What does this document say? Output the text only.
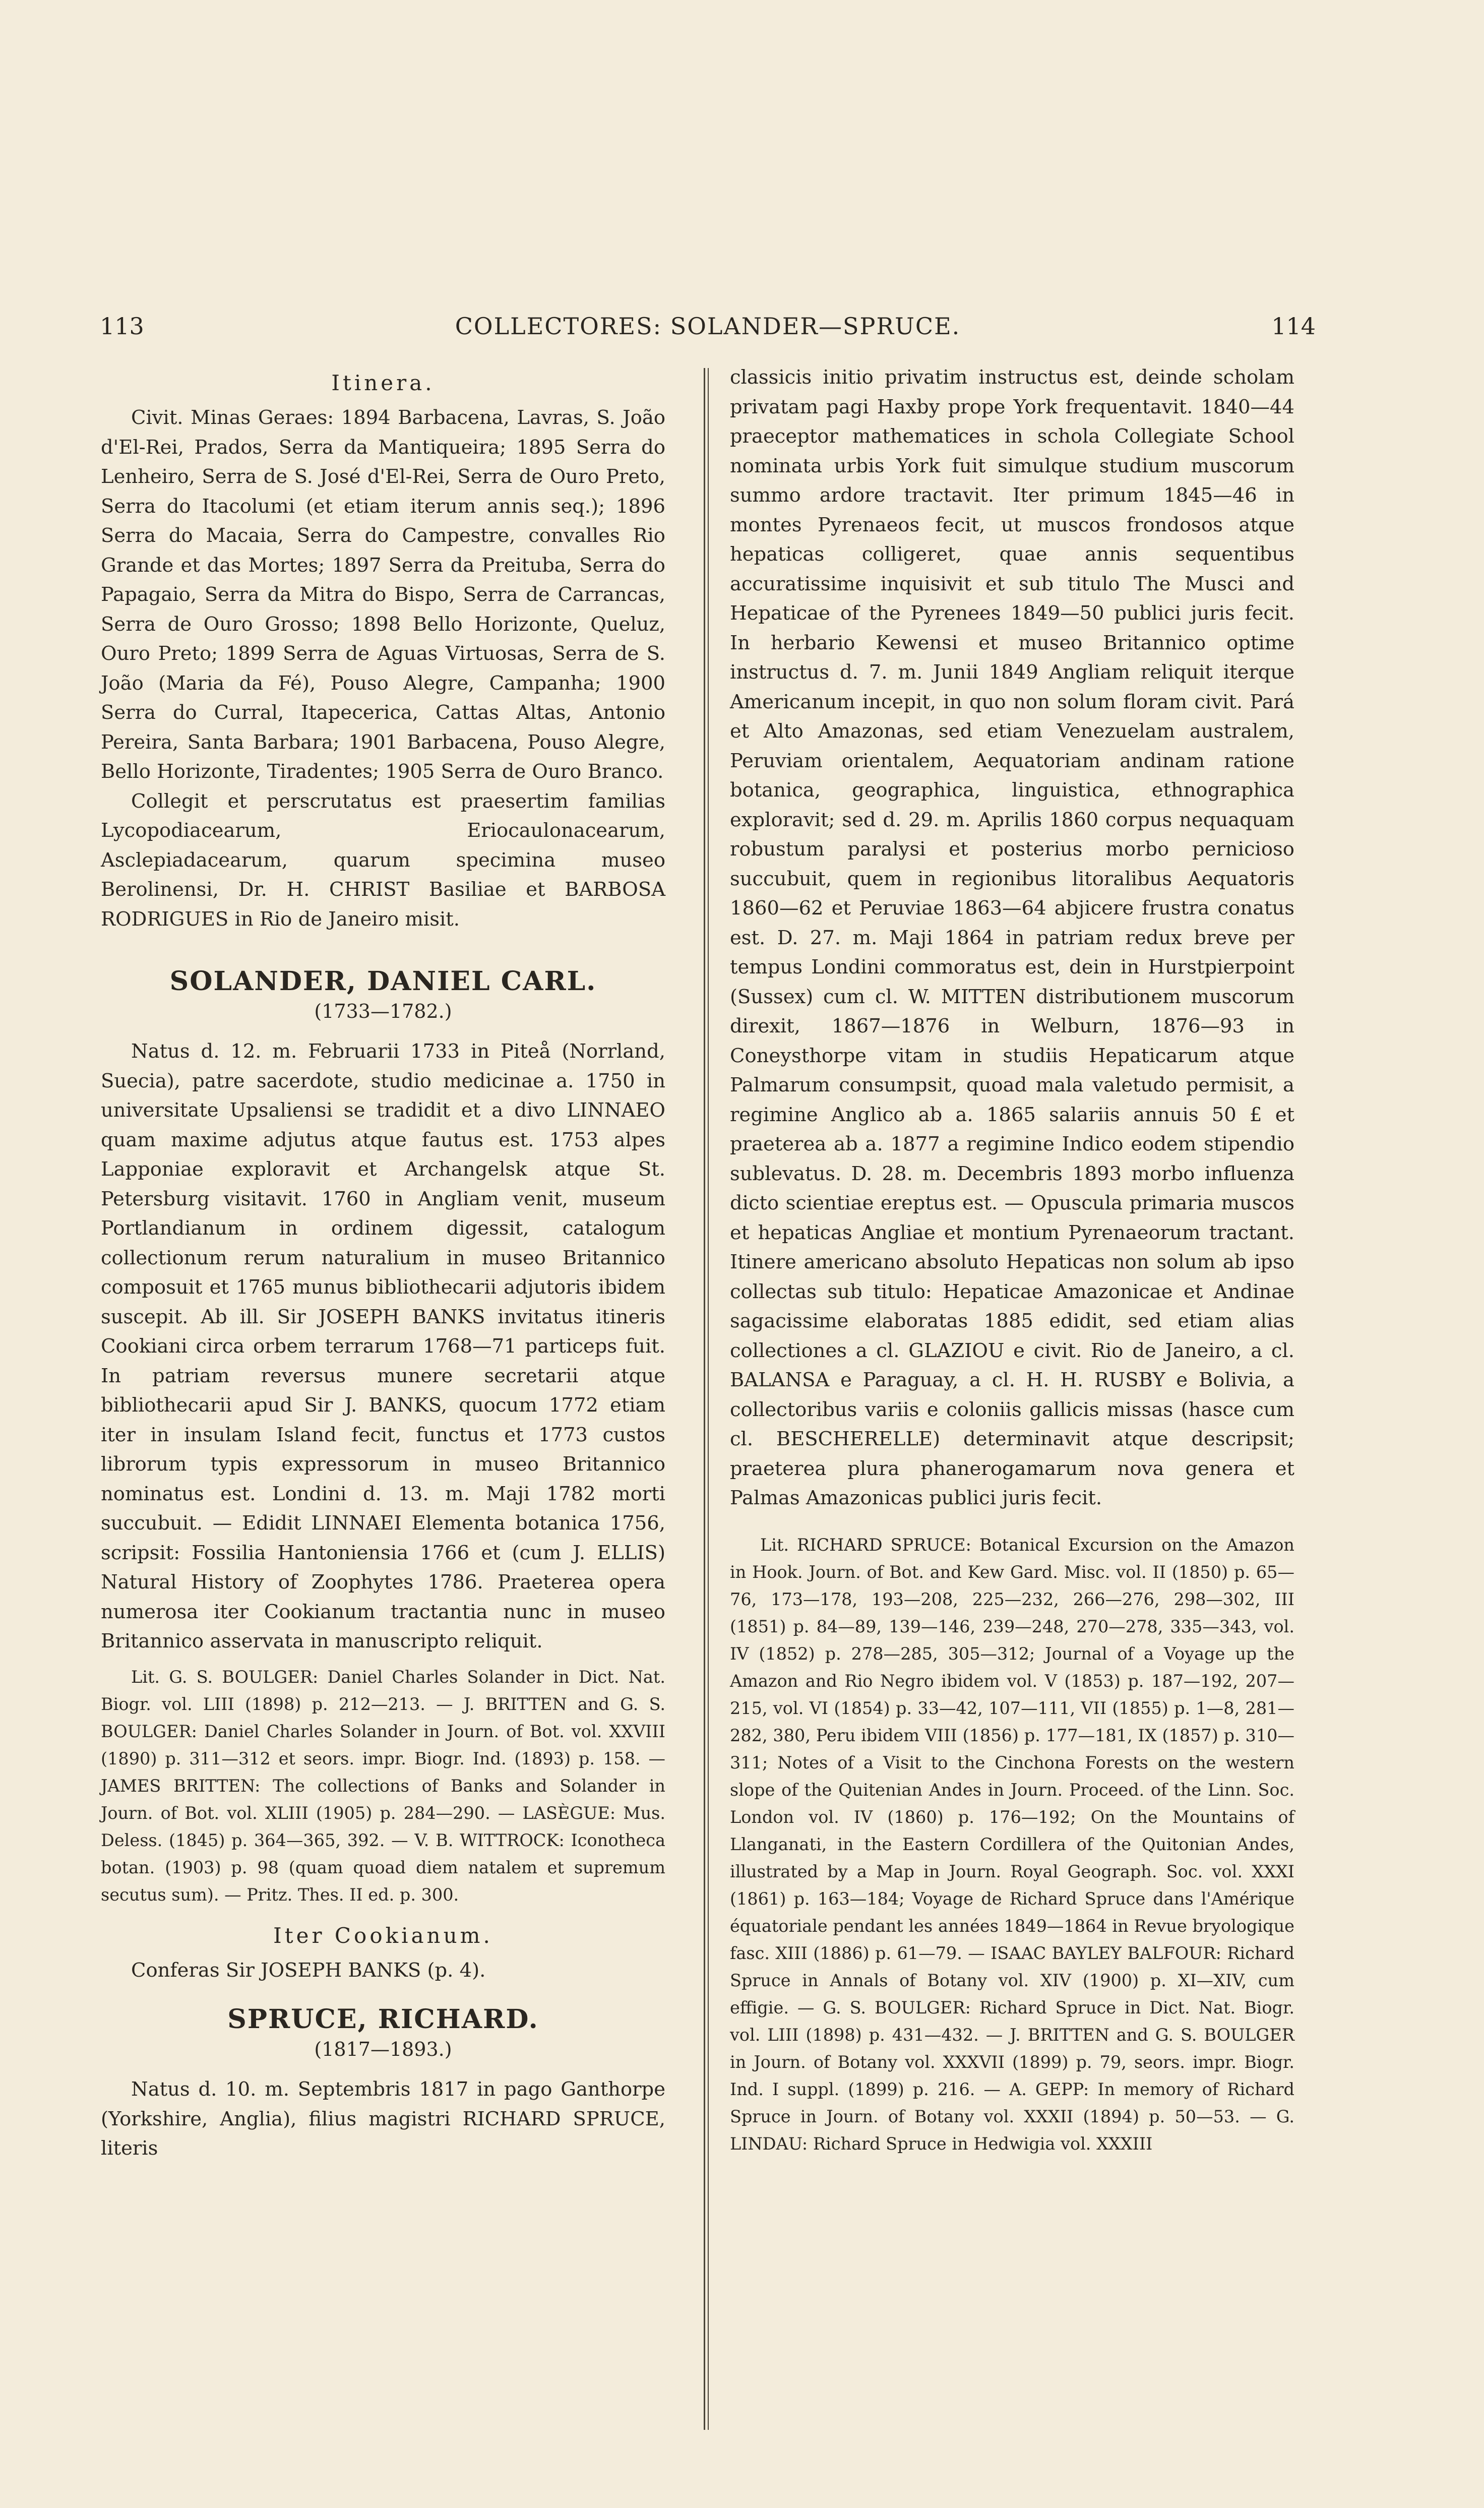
113	COLLECTORES: SOLANDER—SPRUCE.	114

Itinera.

Civit. Minas Geraes: 1894 Barbacena, Lavras, S. João d'El-Rei, Prados, Serra da Mantiqueira; 1895 Serra do Lenheiro, Serra de S. José d'El-Rei, Serra de Ouro Preto, Serra do Itacolumi (et etiam iterum annis seq.); 1896 Serra do Macaia, Serra do Campestre, convalles Rio Grande et das Mortes; 1897 Serra da Preituba, Serra do Papagaio, Serra da Mitra do Bispo, Serra de Carrancas, Serra de Ouro Grosso; 1898 Bello Horizonte, Queluz, Ouro Preto; 1899 Serra de Aguas Virtuosas, Serra de S. João (Maria da Fé), Pouso Alegre, Campanha; 1900 Serra do Curral, Itapecerica, Cattas Altas, Antonio Pereira, Santa Barbara; 1901 Barbacena, Pouso Alegre, Bello Horizonte, Tiradentes; 1905 Serra de Ouro Branco.

Collegit et perscrutatus est praesertim familias Lycopodiacearum, Eriocaulonacearum, Asclepiadacearum, quarum specimina museo Berolinensi, Dr. H. CHRIST Basiliae et BARBOSA RODRIGUES in Rio de Janeiro misit.

SOLANDER, DANIEL CARL.

(1733—1782.)

Natus d. 12. m. Februarii 1733 in Piteå (Norrland, Suecia), patre sacerdote, studio medicinae a. 1750 in universitate Upsaliensi se tradidit et a divo LINNAEO quam maxime adjutus atque fautus est. 1753 alpes Lapponiae exploravit et Archangelsk atque St. Petersburg visitavit. 1760 in Angliam venit, museum Portlandianum in ordinem digessit, catalogum collectionum rerum naturalium in museo Britannico composuit et 1765 munus bibliothecarii adjutoris ibidem suscepit. Ab ill. Sir JOSEPH BANKS invitatus itineris Cookiani circa orbem terrarum 1768—71 particeps fuit. In patriam reversus munere secretarii atque bibliothecarii apud Sir J. BANKS, quocum 1772 etiam iter in insulam Island fecit, functus et 1773 custos librorum typis expressorum in museo Britannico nominatus est. Londini d. 13. m. Maji 1782 morti succubuit. — Edidit LINNAEI Elementa botanica 1756, scripsit: Fossilia Hantoniensia 1766 et (cum J. ELLIS) Natural History of Zoophytes 1786. Praeterea opera numerosa iter Cookianum tractantia nunc in museo Britannico asservata in manuscripto reliquit.

Lit. G. S. BOULGER: Daniel Charles Solander in Dict. Nat. Biogr. vol. LIII (1898) p. 212—213. — J. BRITTEN and G. S. BOULGER: Daniel Charles Solander in Journ. of Bot. vol. XXVIII (1890) p. 311—312 et seors. impr. Biogr. Ind. (1893) p. 158. — JAMES BRITTEN: The collections of Banks and Solander in Journ. of Bot. vol. XLIII (1905) p. 284—290. — LASÈGUE: Mus. Deless. (1845) p. 364—365, 392. — V. B. WITTROCK: Iconotheca botan. (1903) p. 98 (quam quoad diem natalem et supremum secutus sum). — Pritz. Thes. II ed. p. 300.

Iter Cookianum.

Conferas Sir JOSEPH BANKS (p. 4).

SPRUCE, RICHARD.

(1817—1893.)

Natus d. 10. m. Septembris 1817 in pago Ganthorpe (Yorkshire, Anglia), filius magistri RICHARD SPRUCE, literis

classicis initio privatim instructus est, deinde scholam privatam pagi Haxby prope York frequentavit. 1840—44 praeceptor mathematices in schola Collegiate School nominata urbis York fuit simulque studium muscorum summo ardore tractavit. Iter primum 1845—46 in montes Pyrenaeos fecit, ut muscos frondosos atque hepaticas colligeret, quae annis sequentibus accuratissime inquisivit et sub titulo The Musci and Hepaticae of the Pyrenees 1849—50 publici juris fecit. In herbario Kewensi et museo Britannico optime instructus d. 7. m. Junii 1849 Angliam reliquit iterque Americanum incepit, in quo non solum floram civit. Pará et Alto Amazonas, sed etiam Venezuelam australem, Peruviam orientalem, Aequatoriam andinam ratione botanica, geographica, linguistica, ethnographica exploravit; sed d. 29. m. Aprilis 1860 corpus nequaquam robustum paralysi et posterius morbo pernicioso succubuit, quem in regionibus litoralibus Aequatoris 1860—62 et Peruviae 1863—64 abjicere frustra conatus est. D. 27. m. Maji 1864 in patriam redux breve per tempus Londini commoratus est, dein in Hurstpierpoint (Sussex) cum cl. W. MITTEN distributionem muscorum direxit, 1867—1876 in Welburn, 1876—93 in Coneysthorpe vitam in studiis Hepaticarum atque Palmarum consumpsit, quoad mala valetudo permisit, a regimine Anglico ab a. 1865 salariis annuis 50 £ et praeterea ab a. 1877 a regimine Indico eodem stipendio sublevatus. D. 28. m. Decembris 1893 morbo influenza dicto scientiae ereptus est. — Opuscula primaria muscos et hepaticas Angliae et montium Pyrenaeorum tractant. Itinere americano absoluto Hepaticas non solum ab ipso collectas sub titulo: Hepaticae Amazonicae et Andinae sagacissime elaboratas 1885 edidit, sed etiam alias collectiones a cl. GLAZIOU e civit. Rio de Janeiro, a cl. BALANSA e Paraguay, a cl. H. H. RUSBY e Bolivia, a collectoribus variis e coloniis gallicis missas (hasce cum cl. BESCHERELLE) determinavit atque descripsit; praeterea plura phanerogamarum nova genera et Palmas Amazonicas publici juris fecit.

Lit. RICHARD SPRUCE: Botanical Excursion on the Amazon in Hook. Journ. of Bot. and Kew Gard. Misc. vol. II (1850) p. 65—76, 173—178, 193—208, 225—232, 266—276, 298—302, III (1851) p. 84—89, 139—146, 239—248, 270—278, 335—343, vol. IV (1852) p. 278—285, 305—312; Journal of a Voyage up the Amazon and Rio Negro ibidem vol. V (1853) p. 187—192, 207—215, vol. VI (1854) p. 33—42, 107—111, VII (1855) p. 1—8, 281—282, 380, Peru ibidem VIII (1856) p. 177—181, IX (1857) p. 310—311; Notes of a Visit to the Cinchona Forests on the western slope of the Quitenian Andes in Journ. Proceed. of the Linn. Soc. London vol. IV (1860) p. 176—192; On the Mountains of Llanganati, in the Eastern Cordillera of the Quitonian Andes, illustrated by a Map in Journ. Royal Geograph. Soc. vol. XXXI (1861) p. 163—184; Voyage de Richard Spruce dans l'Amérique équatoriale pendant les années 1849—1864 in Revue bryologique fasc. XIII (1886) p. 61—79. — ISAAC BAYLEY BALFOUR: Richard Spruce in Annals of Botany vol. XIV (1900) p. XI—XIV, cum effigie. — G. S. BOULGER: Richard Spruce in Dict. Nat. Biogr. vol. LIII (1898) p. 431—432. — J. BRITTEN and G. S. BOULGER in Journ. of Botany vol. XXXVII (1899) p. 79, seors. impr. Biogr. Ind. I suppl. (1899) p. 216. — A. GEPP: In memory of Richard Spruce in Journ. of Botany vol. XXXII (1894) p. 50—53. — G. LINDAU: Richard Spruce in Hedwigia vol. XXXIII
